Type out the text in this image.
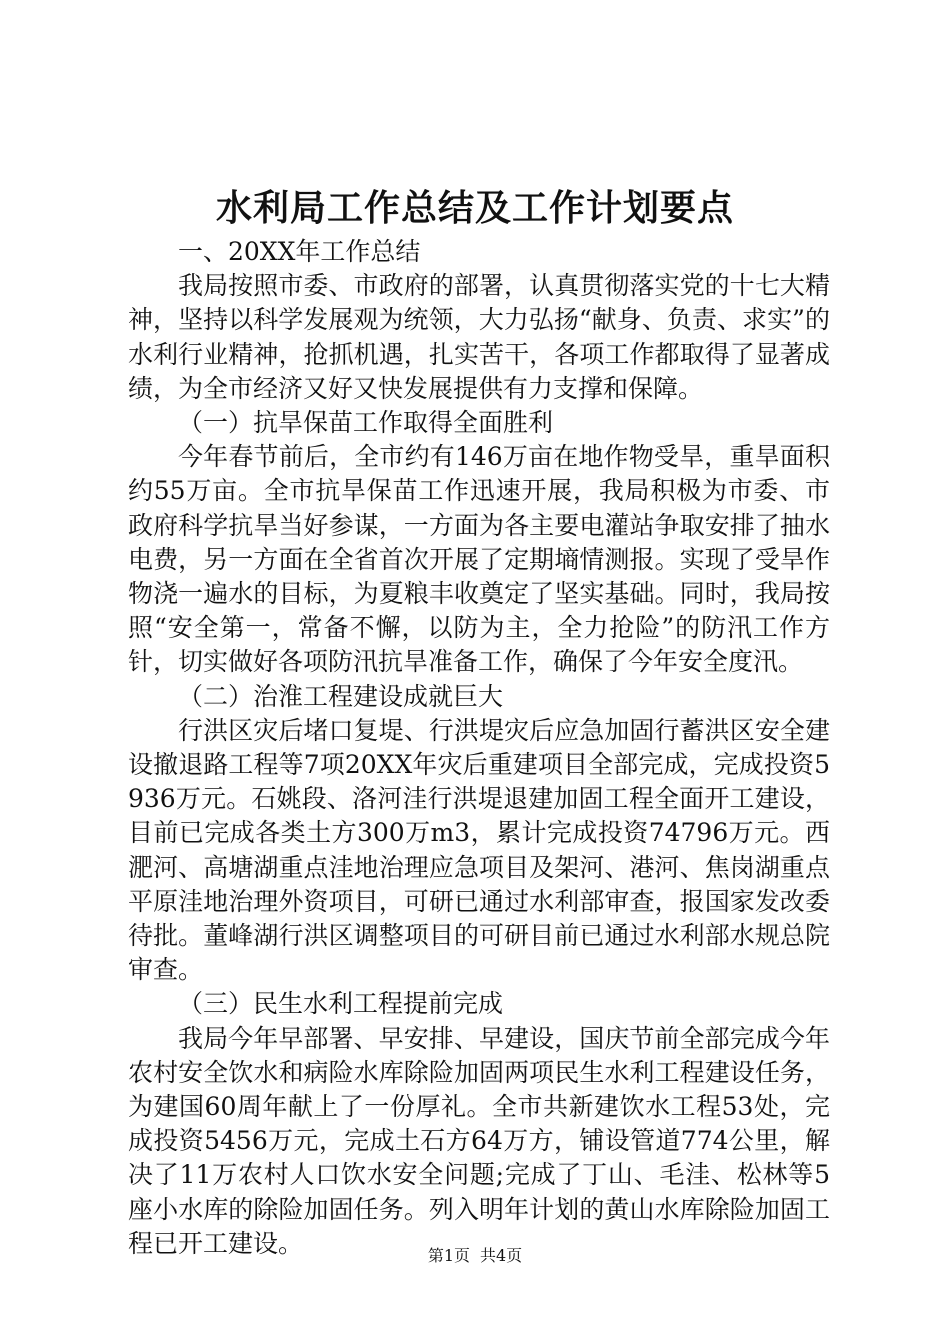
水利局工作总结及工作计划要点

一、20XX年工作总结

我局按照市委、市政府的部署，认真贯彻落实党的十七大精神，坚持以科学发展观为统领，大力弘扬“献身、负责、求实”的水利行业精神，抢抓机遇，扎实苦干，各项工作都取得了显著成绩，为全市经济又好又快发展提供有力支撑和保障。

（一）抗旱保苗工作取得全面胜利

今年春节前后，全市约有146万亩在地作物受旱，重旱面积约55万亩。全市抗旱保苗工作迅速开展，我局积极为市委、市政府科学抗旱当好参谋，一方面为各主要电灌站争取安排了抽水电费，另一方面在全省首次开展了定期墒情测报。实现了受旱作物浇一遍水的目标，为夏粮丰收奠定了坚实基础。同时，我局按照“安全第一，常备不懈，以防为主，全力抢险”的防汛工作方针，切实做好各项防汛抗旱准备工作，确保了今年安全度汛。

（二）治淮工程建设成就巨大

行洪区灾后堵口复堤、行洪堤灾后应急加固行蓄洪区安全建设撤退路工程等7项20XX年灾后重建项目全部完成，完成投资5936万元。石姚段、洛河洼行洪堤退建加固工程全面开工建设，目前已完成各类土方300万m3，累计完成投资74796万元。西淝河、高塘湖重点洼地治理应急项目及架河、港河、焦岗湖重点平原洼地治理外资项目，可研已通过水利部审查，报国家发改委待批。董峰湖行洪区调整项目的可研目前已通过水利部水规总院审查。

（三）民生水利工程提前完成

我局今年早部署、早安排、早建设，国庆节前全部完成今年农村安全饮水和病险水库除险加固两项民生水利工程建设任务，为建国60周年献上了一份厚礼。全市共新建饮水工程53处，完成投资5456万元，完成土石方64万方，铺设管道774公里，解决了11万农村人口饮水安全问题;完成了丁山、毛洼、松林等5座小水库的除险加固任务。列入明年计划的黄山水库除险加固工程已开工建设。	第1页 共4页
